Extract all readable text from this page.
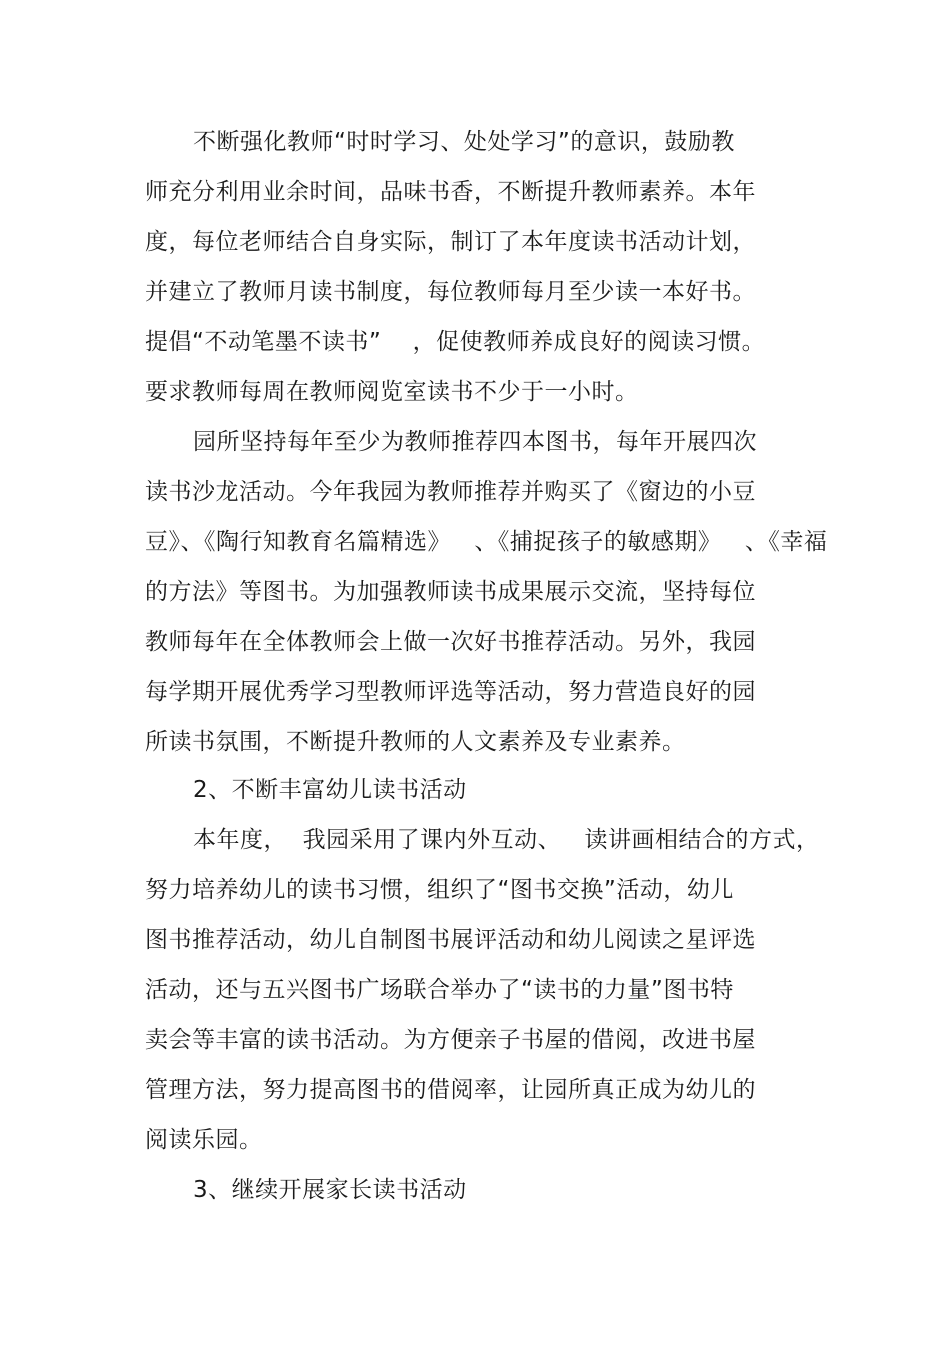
不断强化教师“时时学习、处处学习”的意识，鼓励教
师充分利用业余时间，品味书香，不断提升教师素养。本年
度，每位老师结合自身实际，制订了本年度读书活动计划，
并建立了教师月读书制度，每位教师每月至少读一本好书。
提倡“不动笔墨不读书”    ，促使教师养成良好的阅读习惯。
要求教师每周在教师阅览室读书不少于一小时。
园所坚持每年至少为教师推荐四本图书，每年开展四次
读书沙龙活动。今年我园为教师推荐并购买了《窗边的小豆
豆》、《陶行知教育名篇精选》   、《捕捉孩子的敏感期》   、《幸福
的方法》等图书。为加强教师读书成果展示交流，坚持每位
教师每年在全体教师会上做一次好书推荐活动。另外，我园
每学期开展优秀学习型教师评选等活动，努力营造良好的园
所读书氛围，不断提升教师的人文素养及专业素养。
2、不断丰富幼儿读书活动
本年度，  我园采用了课内外互动、   读讲画相结合的方式，
努力培养幼儿的读书习惯，组织了“图书交换”活动，幼儿
图书推荐活动，幼儿自制图书展评活动和幼儿阅读之星评选
活动，还与五兴图书广场联合举办了“读书的力量”图书特
卖会等丰富的读书活动。为方便亲子书屋的借阅，改进书屋
管理方法，努力提高图书的借阅率，让园所真正成为幼儿的
阅读乐园。
3、继续开展家长读书活动
